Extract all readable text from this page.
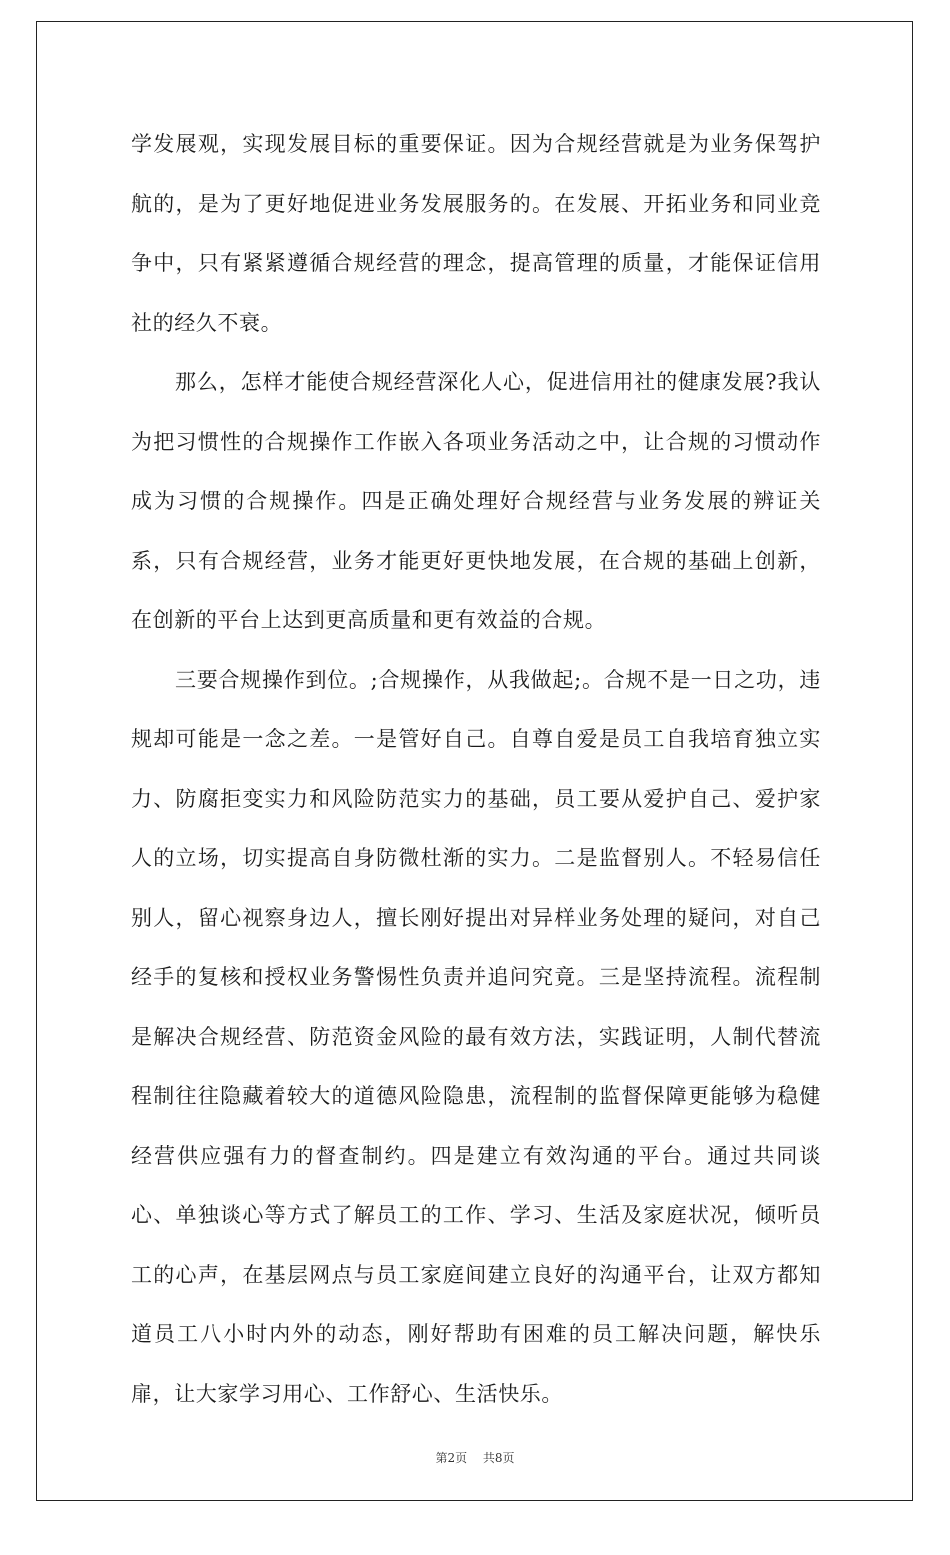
学发展观，实现发展目标的重要保证。因为合规经营就是为业务保驾护航的，是为了更好地促进业务发展服务的。在发展、开拓业务和同业竞争中，只有紧紧遵循合规经营的理念，提高管理的质量，才能保证信用社的经久不衰。

那么，怎样才能使合规经营深化人心，促进信用社的健康发展?我认为把习惯性的合规操作工作嵌入各项业务活动之中，让合规的习惯动作成为习惯的合规操作。四是正确处理好合规经营与业务发展的辨证关系，只有合规经营，业务才能更好更快地发展，在合规的基础上创新，在创新的平台上达到更高质量和更有效益的合规。

三要合规操作到位。;合规操作，从我做起;。合规不是一日之功，违规却可能是一念之差。一是管好自己。自尊自爱是员工自我培育独立实力、防腐拒变实力和风险防范实力的基础，员工要从爱护自己、爱护家人的立场，切实提高自身防微杜渐的实力。二是监督别人。不轻易信任别人，留心视察身边人，擅长刚好提出对异样业务处理的疑问，对自己经手的复核和授权业务警惕性负责并追问究竟。三是坚持流程。流程制是解决合规经营、防范资金风险的最有效方法，实践证明，人制代替流程制往往隐藏着较大的道德风险隐患，流程制的监督保障更能够为稳健经营供应强有力的督查制约。四是建立有效沟通的平台。通过共同谈心、单独谈心等方式了解员工的工作、学习、生活及家庭状况，倾听员工的心声，在基层网点与员工家庭间建立良好的沟通平台，让双方都知道员工八小时内外的动态，刚好帮助有困难的员工解决问题，解快乐扉，让大家学习用心、工作舒心、生活快乐。

第2页 共8页
